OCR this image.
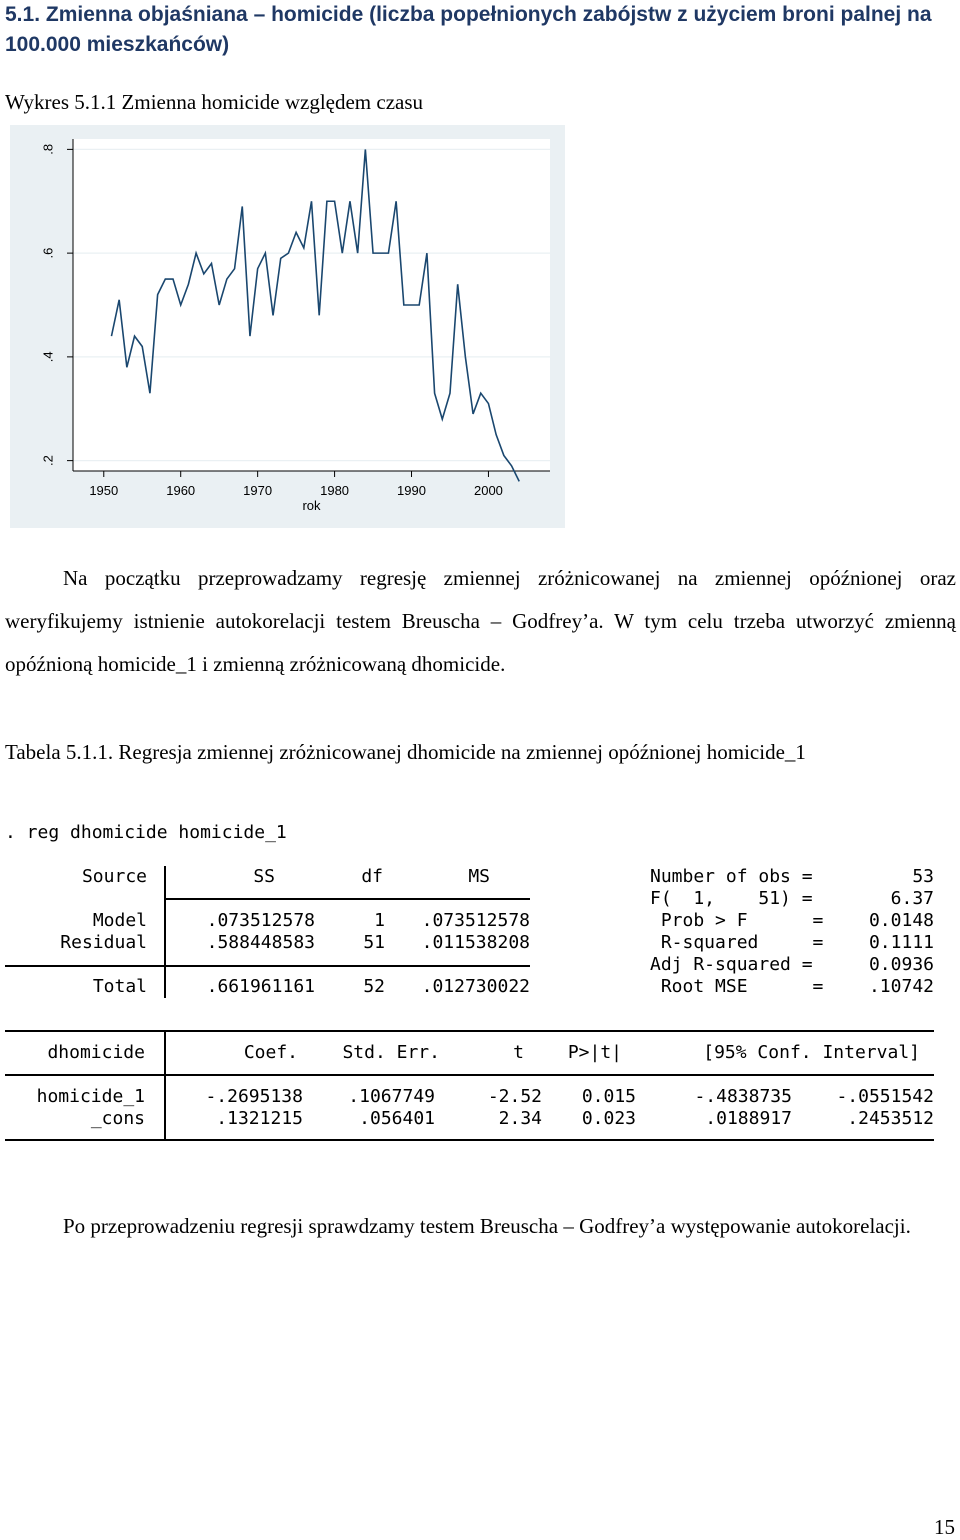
5.1. Zmienna objaśniana – homicide (liczba popełnionych zabójstw z użyciem broni palnej na 100.000 mieszkańców)
Wykres 5.1.1 Zmienna homicide względem czasu
.2
.4
.6
.8
1950	1960	1970	1980	1990	2000
rok
Na początku przeprowadzamy regresję zmiennej zróżnicowanej na zmiennej opóźnionej oraz weryfikujemy istnienie autokorelacji testem Breuscha – Godfrey’a. W tym celu trzeba utworzyć zmienną opóźnioną homicide_1 i zmienną zróżnicowaną dhomicide.
Tabela 5.1.1. Regresja zmiennej zróżnicowanej dhomicide na zmiennej opóźnionej homicide_1
. reg dhomicide homicide_1
Source	SS	df	MS
Model	.073512578	1	.073512578
Residual	.588448583	51	.011538208
Total	.661961161	52	.012730022
Number of obs =	53
F(  1,    51) =	6.37
Prob > F      =	0.0148
R-squared     =	0.1111
Adj R-squared =	0.0936
Root MSE      =	.10742
dhomicide	Coef.	Std. Err.	t	P>|t|	[95% Conf. Interval]
homicide_1	-.2695138	.1067749	-2.52	0.015	-.4838735	-.0551542
_cons	.1321215	.056401	2.34	0.023	.0188917	.2453512
Po przeprowadzeniu regresji sprawdzamy testem Breuscha – Godfrey’a występowanie autokorelacji.
15
